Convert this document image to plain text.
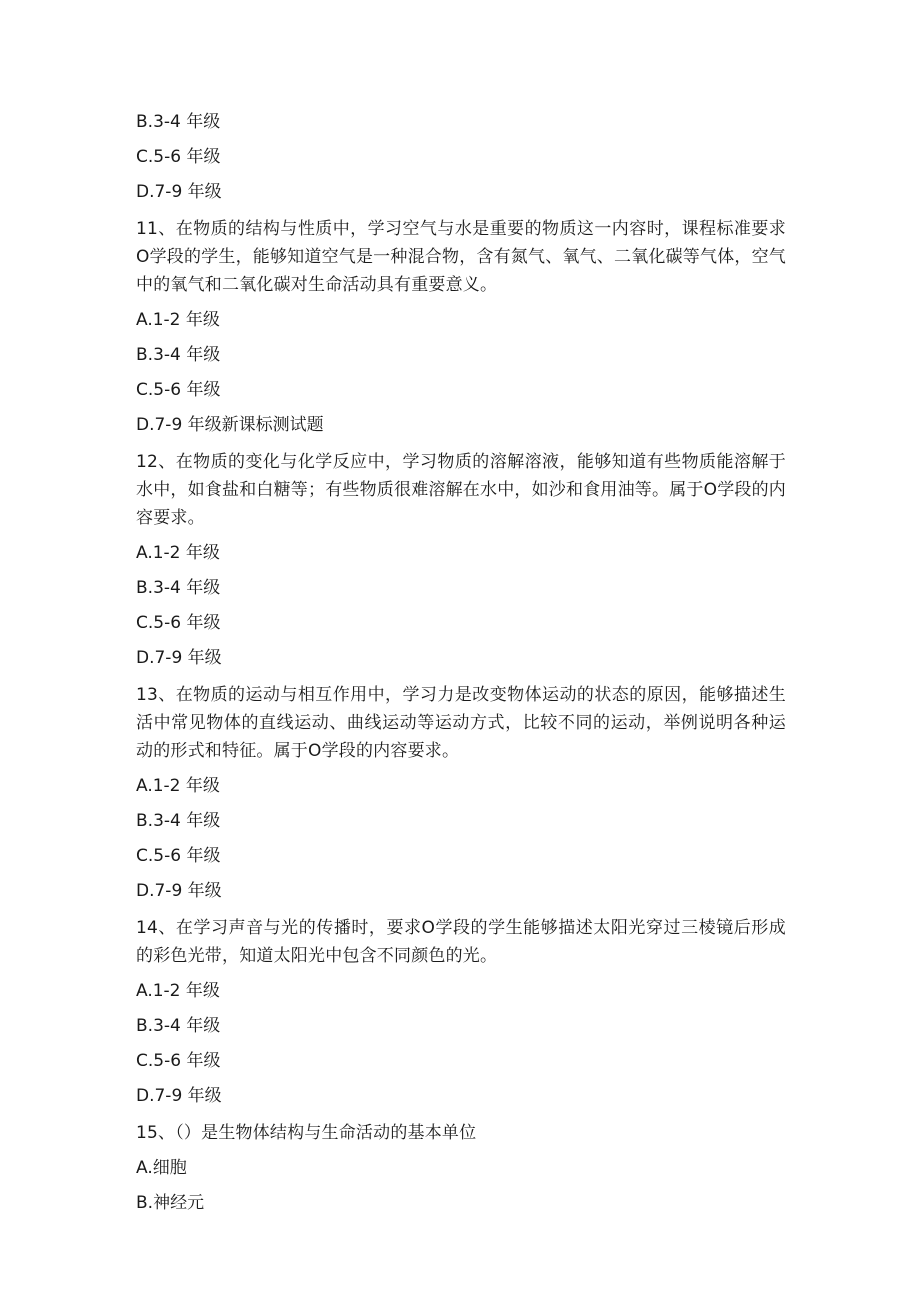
B.3-4 年级
C.5-6 年级
D.7-9 年级
11、在物质的结构与性质中，学习空气与水是重要的物质这一内容时，课程标准要求O学段的学生，能够知道空气是一种混合物，含有氮气、氧气、二氧化碳等气体，空气中的氧气和二氧化碳对生命活动具有重要意义。
A.1-2 年级
B.3-4 年级
C.5-6 年级
D.7-9 年级新课标测试题
12、在物质的变化与化学反应中，学习物质的溶解溶液，能够知道有些物质能溶解于水中，如食盐和白糖等；有些物质很难溶解在水中，如沙和食用油等。属于O学段的内容要求。
A.1-2 年级
B.3-4 年级
C.5-6 年级
D.7-9 年级
13、在物质的运动与相互作用中，学习力是改变物体运动的状态的原因，能够描述生活中常见物体的直线运动、曲线运动等运动方式，比较不同的运动，举例说明各种运动的形式和特征。属于O学段的内容要求。
A.1-2 年级
B.3-4 年级
C.5-6 年级
D.7-9 年级
14、在学习声音与光的传播时，要求O学段的学生能够描述太阳光穿过三棱镜后形成的彩色光带，知道太阳光中包含不同颜色的光。
A.1-2 年级
B.3-4 年级
C.5-6 年级
D.7-9 年级
15、（）是生物体结构与生命活动的基本单位
A.细胞
B.神经元
